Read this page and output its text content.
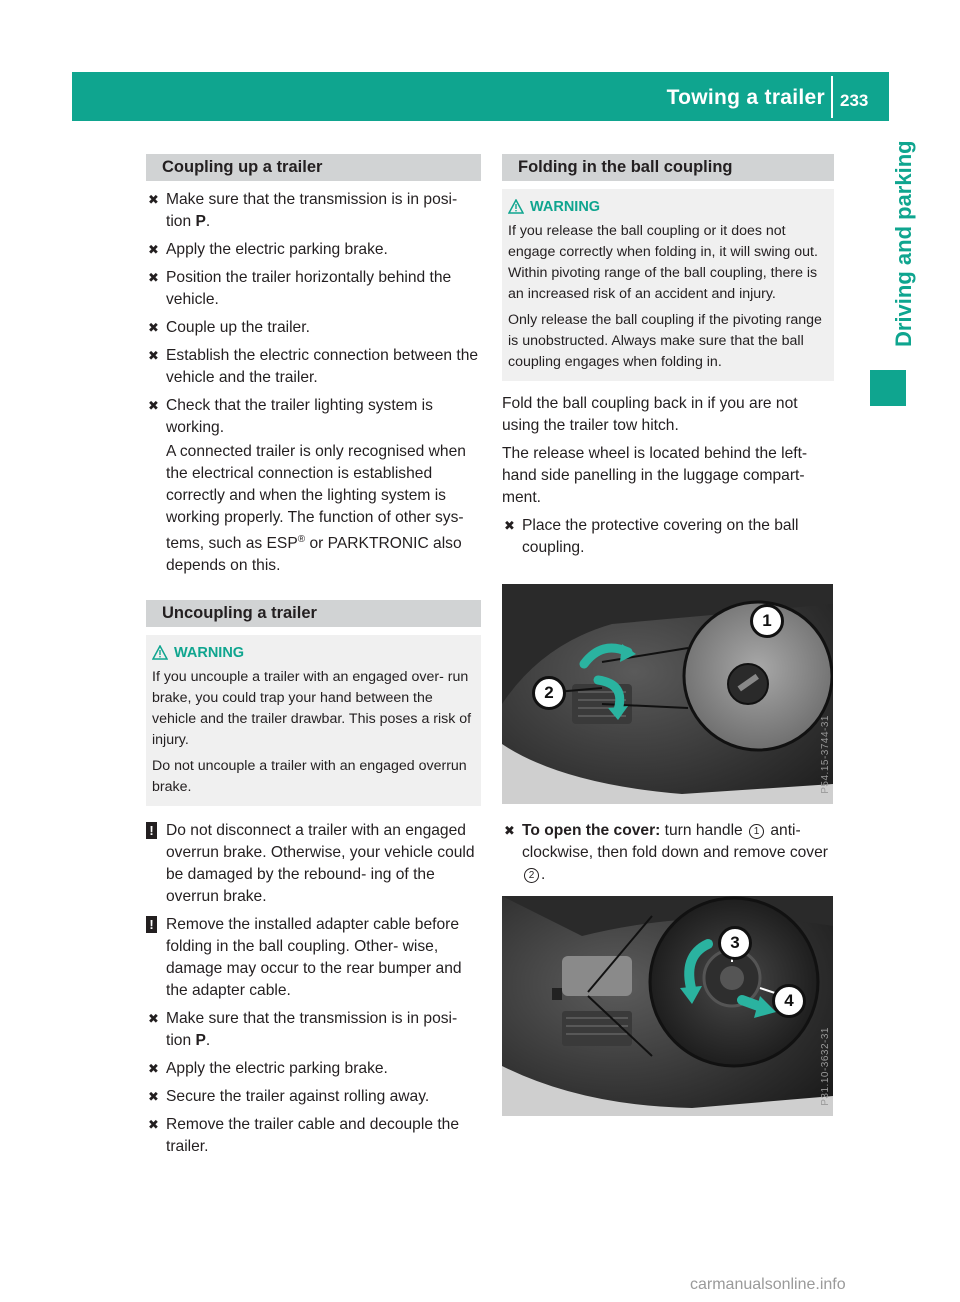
Towing a trailer 233
Driving and parking
Coupling up a trailer
✖ Make sure that the transmission is in posi-
tion P.
✖ Apply the electric parking brake.
✖ Position the trailer horizontally behind the vehicle.
✖ Couple up the trailer.
✖ Establish the electric connection between the vehicle and the trailer.
✖ Check that the trailer lighting system is working.
A connected trailer is only recognised when the electrical connection is established correctly and when the lighting system is working properly. The function of other sys- tems, such as ESP® or PARKTRONIC also depends on this.
Uncoupling a trailer
WARNING

If you uncouple a trailer with an engaged over- run brake, you could trap your hand between the vehicle and the trailer drawbar. This poses a risk of injury.

Do not uncouple a trailer with an engaged overrun brake.

! Do not disconnect a trailer with an engaged overrun brake. Otherwise, your vehicle could be damaged by the rebound- ing of the overrun brake.
! Remove the installed adapter cable before folding in the ball coupling. Other- wise, damage may occur to the rear bumper and the adapter cable.
✖ Make sure that the transmission is in posi-
tion P.
✖ Apply the electric parking brake.
✖ Secure the trailer against rolling away.
✖ Remove the trailer cable and decouple the trailer.
Folding in the ball coupling
WARNING

If you release the ball coupling or it does not engage correctly when folding in, it will swing out. Within pivoting range of the ball coupling, there is an increased risk of an accident and injury.

Only release the ball coupling if the pivoting range is unobstructed. Always make sure that the ball coupling engages when folding in.

Fold the ball coupling back in if you are not using the trailer tow hitch.
The release wheel is located behind the left- hand side panelling in the luggage compart- ment.
✖ Place the protective covering on the ball coupling.
1
2
P54.15-3744-31
✖ To open the cover: turn handle 1 anti- clockwise, then fold down and remove cover 2 .
3
4
P31.10-3632-31
carmanualsonline.info
